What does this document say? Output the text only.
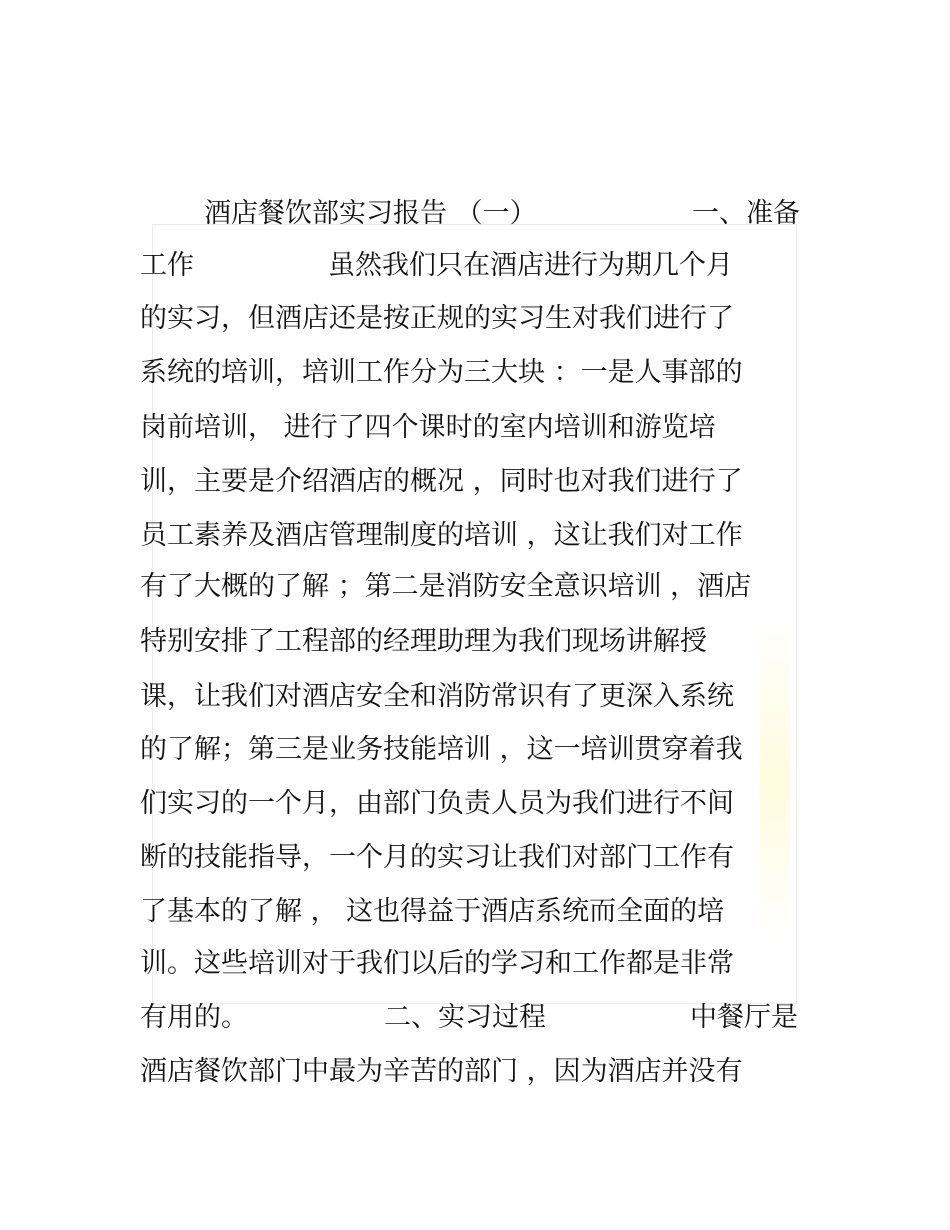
酒店餐饮部实习报告 （一）	一、准备
工作	虽然我们只在酒店进行为期几个月
的实习，但酒店还是按正规的实习生对我们进行了
系统的培训，培训工作分为三大块 ：一是人事部的
岗前培训， 进行了四个课时的室内培训和游览培
训，主要是介绍酒店的概况 ，同时也对我们进行了
员工素养及酒店管理制度的培训 ，这让我们对工作
有了大概的了解 ；第二是消防安全意识培训 ，酒店
特别安排了工程部的经理助理为我们现场讲解授
课，让我们对酒店安全和消防常识有了更深入系统
的了解；第三是业务技能培训 ，这一培训贯穿着我
们实习的一个月，由部门负责人员为我们进行不间
断的技能指导，一个月的实习让我们对部门工作有
了基本的了解 ， 这也得益于酒店系统而全面的培
训。这些培训对于我们以后的学习和工作都是非常
有用的。	二、实习过程	中餐厅是
酒店餐饮部门中最为辛苦的部门 ，因为酒店并没有
